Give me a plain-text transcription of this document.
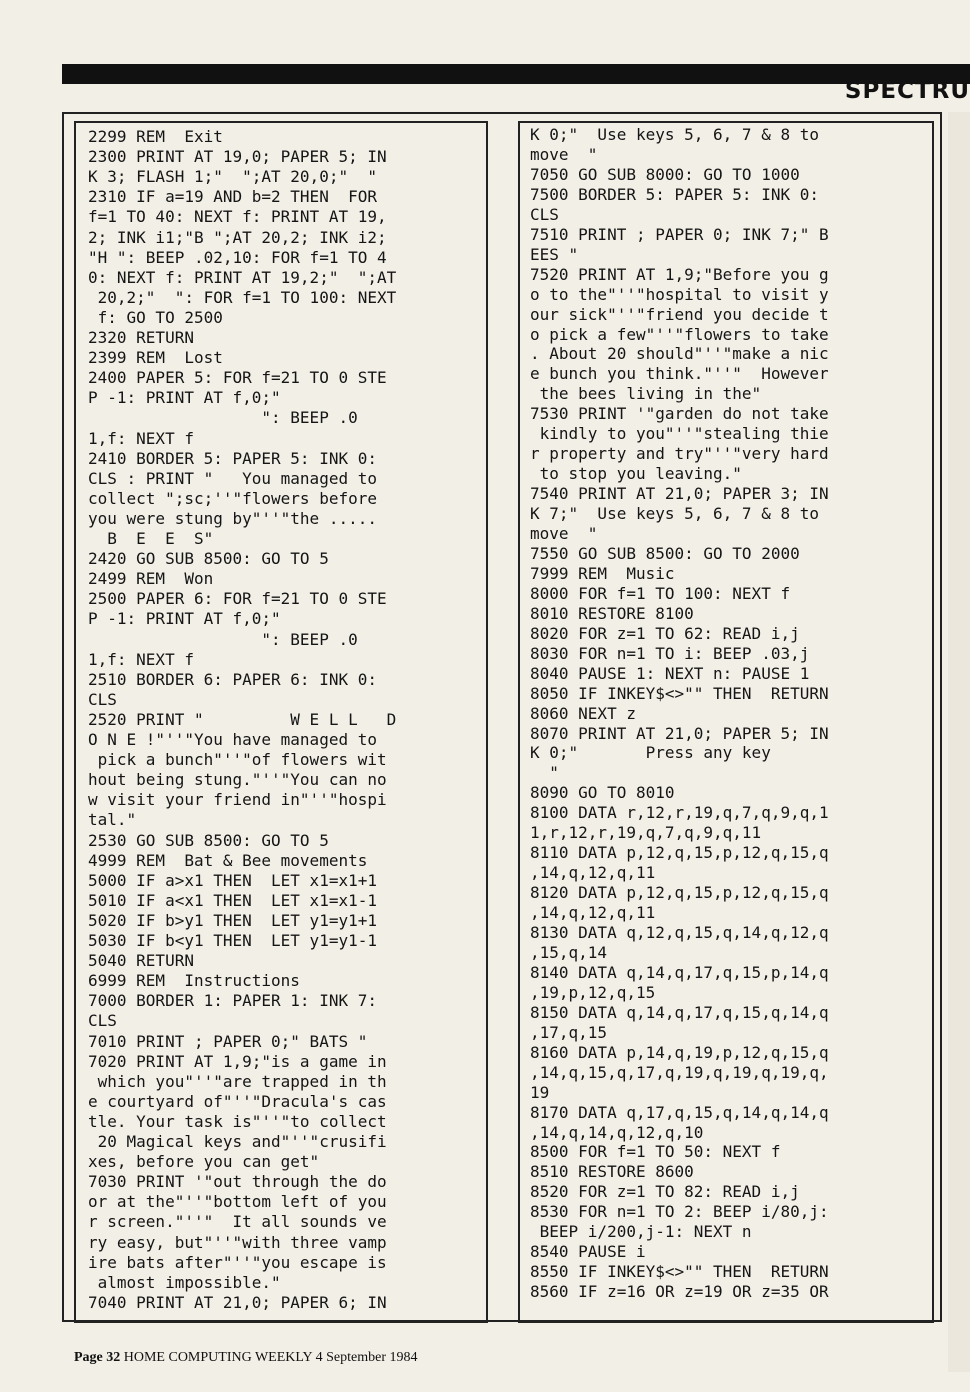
SPECTRU
2299 REM  Exit
2300 PRINT AT 19,0; PAPER 5; IN
K 3; FLASH 1;"  ";AT 20,0;"  "
2310 IF a=19 AND b=2 THEN  FOR
f=1 TO 40: NEXT f: PRINT AT 19,
2; INK i1;"B ";AT 20,2; INK i2;
"H ": BEEP .02,10: FOR f=1 TO 4
0: NEXT f: PRINT AT 19,2;"  ";AT
20,2;"  ": FOR f=1 TO 100: NEXT
f: GO TO 2500
2320 RETURN
2399 REM  Lost
2400 PAPER 5: FOR f=21 TO 0 STE
P -1: PRINT AT f,0;"
": BEEP .0
1,f: NEXT f
2410 BORDER 5: PAPER 5: INK 0:
CLS : PRINT "   You managed to
collect ";sc;''"flowers before
you were stung by"''"the .....
B  E  E  S"
2420 GO SUB 8500: GO TO 5
2499 REM  Won
2500 PAPER 6: FOR f=21 TO 0 STE
P -1: PRINT AT f,0;"
": BEEP .0
1,f: NEXT f
2510 BORDER 6: PAPER 6: INK 0:
CLS
2520 PRINT "         W E L L   D
O N E !"''"You have managed to
pick a bunch"''"of flowers wit
hout being stung."''"You can no
w visit your friend in"''"hospi
tal."
2530 GO SUB 8500: GO TO 5
4999 REM  Bat & Bee movements
5000 IF a>x1 THEN  LET x1=x1+1
5010 IF a<x1 THEN  LET x1=x1-1
5020 IF b>y1 THEN  LET y1=y1+1
5030 IF b<y1 THEN  LET y1=y1-1
5040 RETURN
6999 REM  Instructions
7000 BORDER 1: PAPER 1: INK 7:
CLS
7010 PRINT ; PAPER 0;" BATS "
7020 PRINT AT 1,9;"is a game in
which you"''"are trapped in th
e courtyard of"''"Dracula's cas
tle. Your task is"''"to collect
20 Magical keys and"''"crusifi
xes, before you can get"
7030 PRINT '"out through the do
or at the"''"bottom left of you
r screen."''"  It all sounds ve
ry easy, but"''"with three vamp
ire bats after"''"you escape is
almost impossible."
7040 PRINT AT 21,0; PAPER 6; IN
K 0;"  Use keys 5, 6, 7 & 8 to
move  "
7050 GO SUB 8000: GO TO 1000
7500 BORDER 5: PAPER 5: INK 0:
CLS
7510 PRINT ; PAPER 0; INK 7;" B
EES "
7520 PRINT AT 1,9;"Before you g
o to the"''"hospital to visit y
our sick"''"friend you decide t
o pick a few"''"flowers to take
. About 20 should"''"make a nic
e bunch you think."''"  However
the bees living in the"
7530 PRINT '"garden do not take
kindly to you"''"stealing thie
r property and try"''"very hard
to stop you leaving."
7540 PRINT AT 21,0; PAPER 3; IN
K 7;"  Use keys 5, 6, 7 & 8 to
move  "
7550 GO SUB 8500: GO TO 2000
7999 REM  Music
8000 FOR f=1 TO 100: NEXT f
8010 RESTORE 8100
8020 FOR z=1 TO 62: READ i,j
8030 FOR n=1 TO i: BEEP .03,j
8040 PAUSE 1: NEXT n: PAUSE 1
8050 IF INKEY$<>"" THEN  RETURN
8060 NEXT z
8070 PRINT AT 21,0; PAPER 5; IN
K 0;"       Press any key
"
8090 GO TO 8010
8100 DATA r,12,r,19,q,7,q,9,q,1
1,r,12,r,19,q,7,q,9,q,11
8110 DATA p,12,q,15,p,12,q,15,q
,14,q,12,q,11
8120 DATA p,12,q,15,p,12,q,15,q
,14,q,12,q,11
8130 DATA q,12,q,15,q,14,q,12,q
,15,q,14
8140 DATA q,14,q,17,q,15,p,14,q
,19,p,12,q,15
8150 DATA q,14,q,17,q,15,q,14,q
,17,q,15
8160 DATA p,14,q,19,p,12,q,15,q
,14,q,15,q,17,q,19,q,19,q,19,q,
19
8170 DATA q,17,q,15,q,14,q,14,q
,14,q,14,q,12,q,10
8500 FOR f=1 TO 50: NEXT f
8510 RESTORE 8600
8520 FOR z=1 TO 82: READ i,j
8530 FOR n=1 TO 2: BEEP i/80,j:
BEEP i/200,j-1: NEXT n
8540 PAUSE i
8550 IF INKEY$<>"" THEN  RETURN
8560 IF z=16 OR z=19 OR z=35 OR
Page 32 HOME COMPUTING WEEKLY 4 September 1984
